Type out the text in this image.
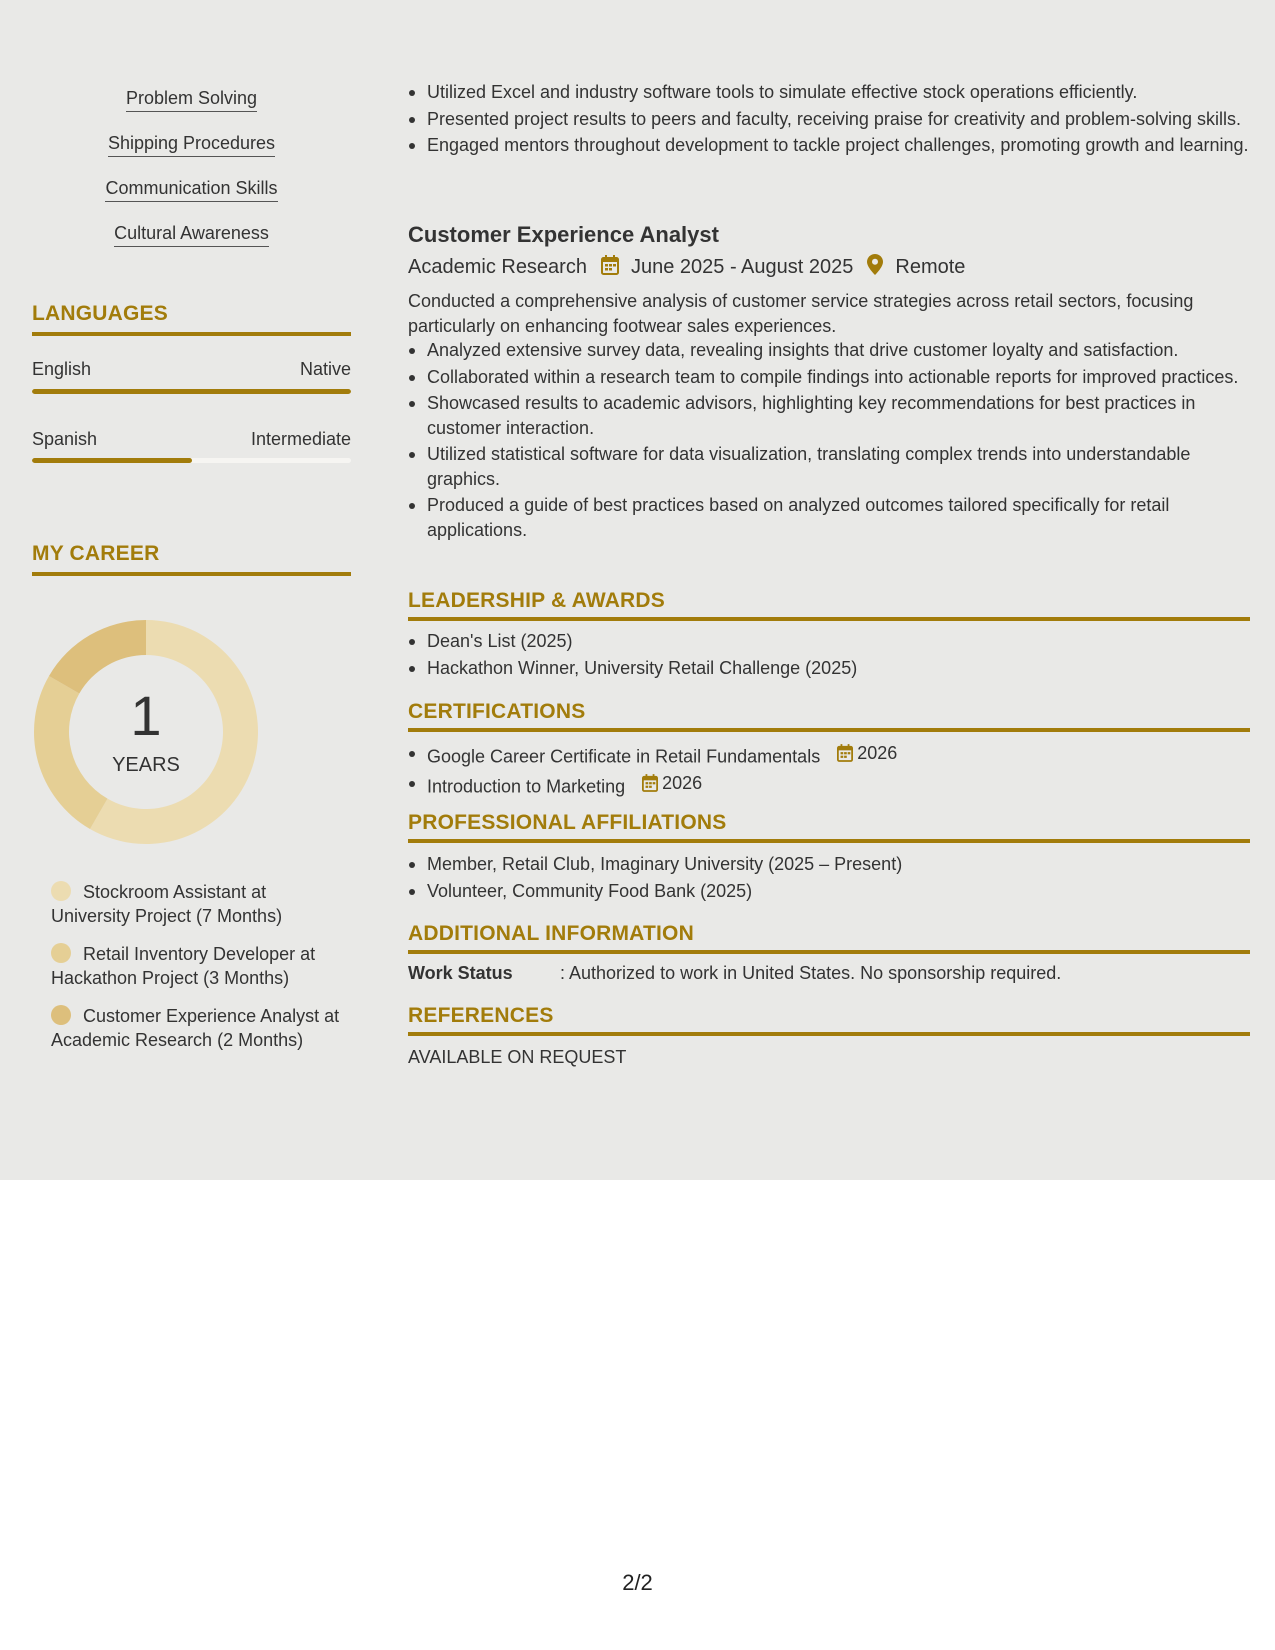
Problem Solving
Shipping Procedures
Communication Skills
Cultural Awareness
LANGUAGES
English	Native
Spanish	Intermediate
MY CAREER
1
YEARS
Stockroom Assistant at University Project (7 Months)
Retail Inventory Developer at Hackathon Project (3 Months)
Customer Experience Analyst at Academic Research (2 Months)
Utilized Excel and industry software tools to simulate effective stock operations efficiently.
Presented project results to peers and faculty, receiving praise for creativity and problem-solving skills.
Engaged mentors throughout development to tackle project challenges, promoting growth and learning.
Customer Experience Analyst
Academic Research June 2025 - August 2025 Remote
Conducted a comprehensive analysis of customer service strategies across retail sectors, focusing particularly on enhancing footwear sales experiences.
Analyzed extensive survey data, revealing insights that drive customer loyalty and satisfaction.
Collaborated within a research team to compile findings into actionable reports for improved practices.
Showcased results to academic advisors, highlighting key recommendations for best practices in customer interaction.
Utilized statistical software for data visualization, translating complex trends into understandable graphics.
Produced a guide of best practices based on analyzed outcomes tailored specifically for retail applications.
LEADERSHIP & AWARDS
Dean's List (2025)
Hackathon Winner, University Retail Challenge (2025)
CERTIFICATIONS
Google Career Certificate in Retail Fundamentals 2026
Introduction to Marketing 2026
PROFESSIONAL AFFILIATIONS
Member, Retail Club, Imaginary University (2025 – Present)
Volunteer, Community Food Bank (2025)
ADDITIONAL INFORMATION
Work Status	: Authorized to work in United States. No sponsorship required.
REFERENCES
AVAILABLE ON REQUEST
2/2
